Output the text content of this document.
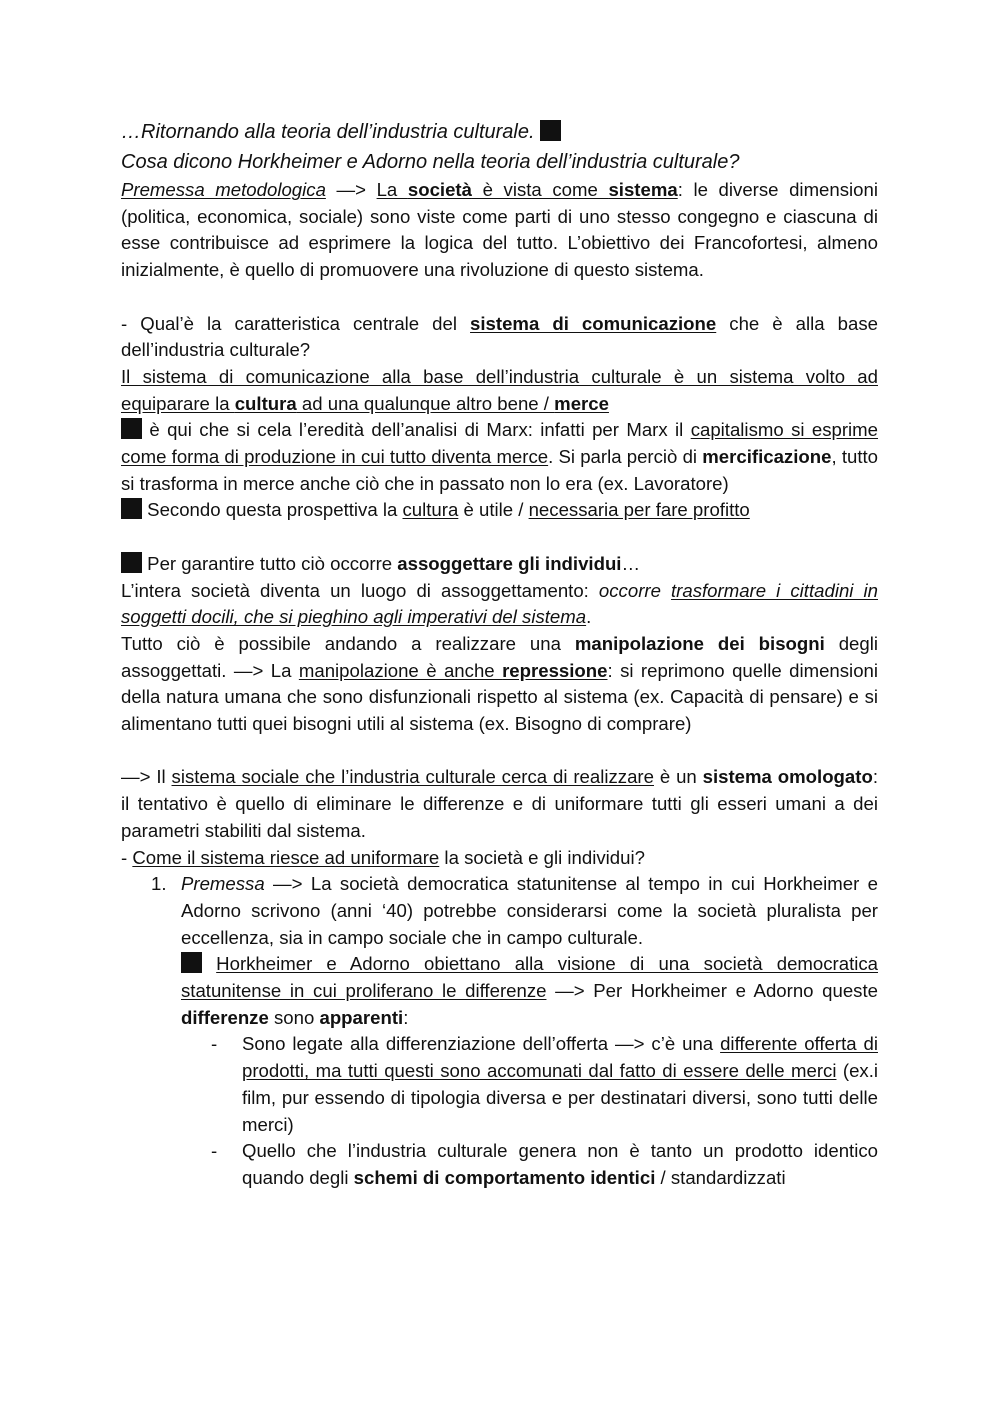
…Ritornando alla teoria dell’industria culturale.
Cosa dicono Horkheimer e Adorno nella teoria dell’industria culturale?

Premessa metodologica —> La società è vista come sistema: le diverse dimensioni (politica, economica, sociale) sono viste come parti di uno stesso congegno e ciascuna di esse contribuisce ad esprimere la logica del tutto. L’obiettivo dei Francofortesi, almeno inizialmente, è quello di promuovere una rivoluzione di questo sistema.

- Qual’è la caratteristica centrale del sistema di comunicazione che è alla base dell’industria culturale?

Il sistema di comunicazione alla base dell’industria culturale è un sistema volto ad equiparare la cultura ad una qualunque altro bene / merce

è qui che si cela l’eredità dell’analisi di Marx: infatti per Marx il capitalismo si esprime come forma di produzione in cui tutto diventa merce. Si parla perciò di mercificazione, tutto si trasforma in merce anche ciò che in passato non lo era (ex. Lavoratore)

Secondo questa prospettiva la cultura è utile / necessaria per fare profitto

Per garantire tutto ciò occorre assoggettare gli individui…

L’intera società diventa un luogo di assoggettamento: occorre trasformare i cittadini in soggetti docili, che si pieghino agli imperativi del sistema.

Tutto ciò è possibile andando a realizzare una manipolazione dei bisogni degli assoggettati. —> La manipolazione è anche repressione: si reprimono quelle dimensioni della natura umana che sono disfunzionali rispetto al sistema (ex. Capacità di pensare) e si alimentano tutti quei bisogni utili al sistema (ex. Bisogno di comprare)

—> Il sistema sociale che l’industria culturale cerca di realizzare è un sistema omologato: il tentativo è quello di eliminare le differenze e di uniformare tutti gli esseri umani a dei parametri stabiliti dal sistema.

- Come il sistema riesce ad uniformare la società e gli individui?

1. Premessa —> La società democratica statunitense al tempo in cui Horkheimer e Adorno scrivono (anni ‘40) potrebbe considerarsi come la società pluralista per eccellenza, sia in campo sociale che in campo culturale.

Horkheimer e Adorno obiettano alla visione di una società democratica statunitense in cui proliferano le differenze —> Per Horkheimer e Adorno queste differenze sono apparenti:

- Sono legate alla differenziazione dell’offerta —> c’è una differente offerta di prodotti, ma tutti questi sono accomunati dal fatto di essere delle merci (ex.i film, pur essendo di tipologia diversa e per destinatari diversi, sono tutti delle merci)

- Quello che l’industria culturale genera non è tanto un prodotto identico quando degli schemi di comportamento identici / standardizzati
